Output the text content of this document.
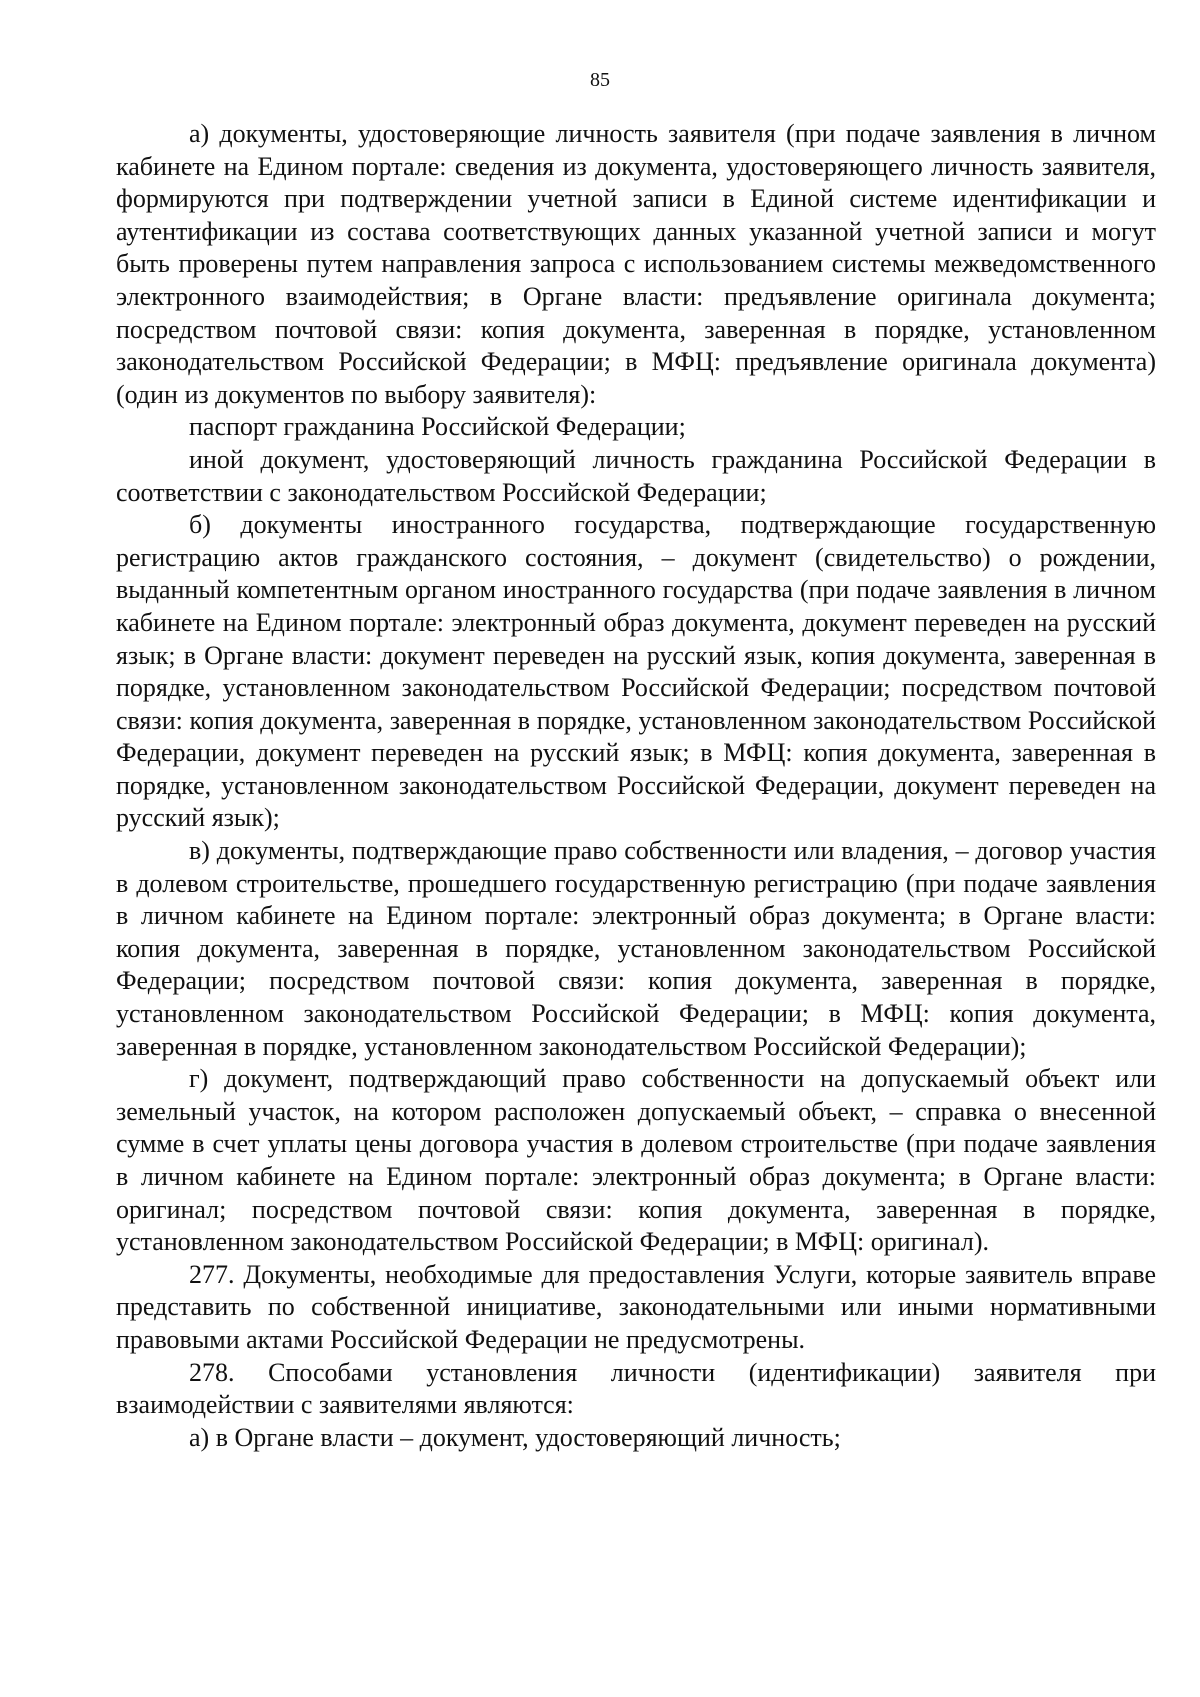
85

а) документы, удостоверяющие личность заявителя (при подаче заявления в личном кабинете на Едином портале: сведения из документа, удостоверяющего личность заявителя, формируются при подтверждении учетной записи в Единой системе идентификации и аутентификации из состава соответствующих данных указанной учетной записи и могут быть проверены путем направления запроса с использованием системы межведомственного электронного взаимодействия; в Органе власти: предъявление оригинала документа; посредством почтовой связи: копия документа, заверенная в порядке, установленном законодательством Российской Федерации; в МФЦ: предъявление оригинала документа) (один из документов по выбору заявителя):

паспорт гражданина Российской Федерации;

иной документ, удостоверяющий личность гражданина Российской Федерации в соответствии с законодательством Российской Федерации;

б) документы иностранного государства, подтверждающие государственную регистрацию актов гражданского состояния, – документ (свидетельство) о рождении, выданный компетентным органом иностранного государства (при подаче заявления в личном кабинете на Едином портале: электронный образ документа, документ переведен на русский язык; в Органе власти: документ переведен на русский язык, копия документа, заверенная в порядке, установленном законодательством Российской Федерации; посредством почтовой связи: копия документа, заверенная в порядке, установленном законодательством Российской Федерации, документ переведен на русский язык; в МФЦ: копия документа, заверенная в порядке, установленном законодательством Российской Федерации, документ переведен на русский язык);

в) документы, подтверждающие право собственности или владения, – договор участия в долевом строительстве, прошедшего государственную регистрацию (при подаче заявления в личном кабинете на Едином портале: электронный образ документа; в Органе власти: копия документа, заверенная в порядке, установленном законодательством Российской Федерации; посредством почтовой связи: копия документа, заверенная в порядке, установленном законодательством Российской Федерации; в МФЦ: копия документа, заверенная в порядке, установленном законодательством Российской Федерации);

г) документ, подтверждающий право собственности на допускаемый объект или земельный участок, на котором расположен допускаемый объект, – справка о внесенной сумме в счет уплаты цены договора участия в долевом строительстве (при подаче заявления в личном кабинете на Едином портале: электронный образ документа; в Органе власти: оригинал; посредством почтовой связи: копия документа, заверенная в порядке, установленном законодательством Российской Федерации; в МФЦ: оригинал).

277. Документы, необходимые для предоставления Услуги, которые заявитель вправе представить по собственной инициативе, законодательными или иными нормативными правовыми актами Российской Федерации не предусмотрены.

278. Способами установления личности (идентификации) заявителя при взаимодействии с заявителями являются:

а) в Органе власти – документ, удостоверяющий личность;
